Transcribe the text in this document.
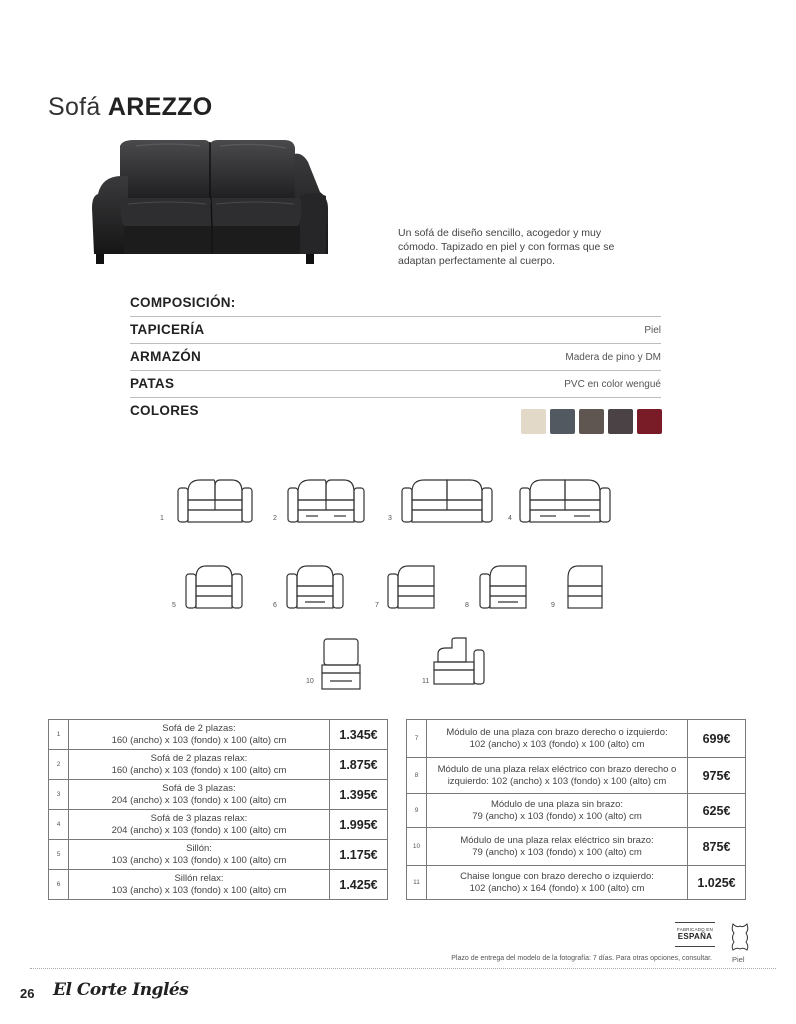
Sofá AREZZO

Un sofá de diseño sencillo, acogedor y muy cómodo. Tapizado en piel y con formas que se adaptan perfectamente al cuerpo.

COMPOSICIÓN:
TAPICERÍA	Piel
ARMAZÓN	Madera de pino y DM
PATAS	PVC en color wengué
COLORES
1	2	3	4
5	6	7	8	9
10	11
1	Sofá de 2 plazas:
160 (ancho) x 103 (fondo) x 100 (alto) cm	1.345€
2	Sofá de 2 plazas relax:
160 (ancho) x 103 (fondo) x 100 (alto) cm	1.875€
3	Sofá de 3 plazas:
204 (ancho) x 103 (fondo) x 100 (alto) cm	1.395€
4	Sofá de 3 plazas relax:
204 (ancho) x 103 (fondo) x 100 (alto) cm	1.995€
5	Sillón:
103 (ancho) x 103 (fondo) x 100 (alto) cm	1.175€
6	Sillón relax:
103 (ancho) x 103 (fondo) x 100 (alto) cm	1.425€
7	Módulo de una plaza con brazo derecho o izquierdo:
102 (ancho) x 103 (fondo) x 100 (alto) cm	699€
8	Módulo de una plaza relax eléctrico con brazo derecho o
izquierdo: 102 (ancho) x 103 (fondo) x 100 (alto) cm	975€
9	Módulo de una plaza sin brazo:
79 (ancho) x 103 (fondo) x 100 (alto) cm	625€
10	Módulo de una plaza relax eléctrico sin brazo:
79 (ancho) x 103 (fondo) x 100 (alto) cm	875€
11	Chaise longue con brazo derecho o izquierdo:
102 (ancho) x 164 (fondo) x 100 (alto) cm	1.025€
FABRICADO EN
ESPAÑA
Piel
Plazo de entrega del modelo de la fotografía: 7 días. Para otras opciones, consultar.
26 El Corte Inglés
